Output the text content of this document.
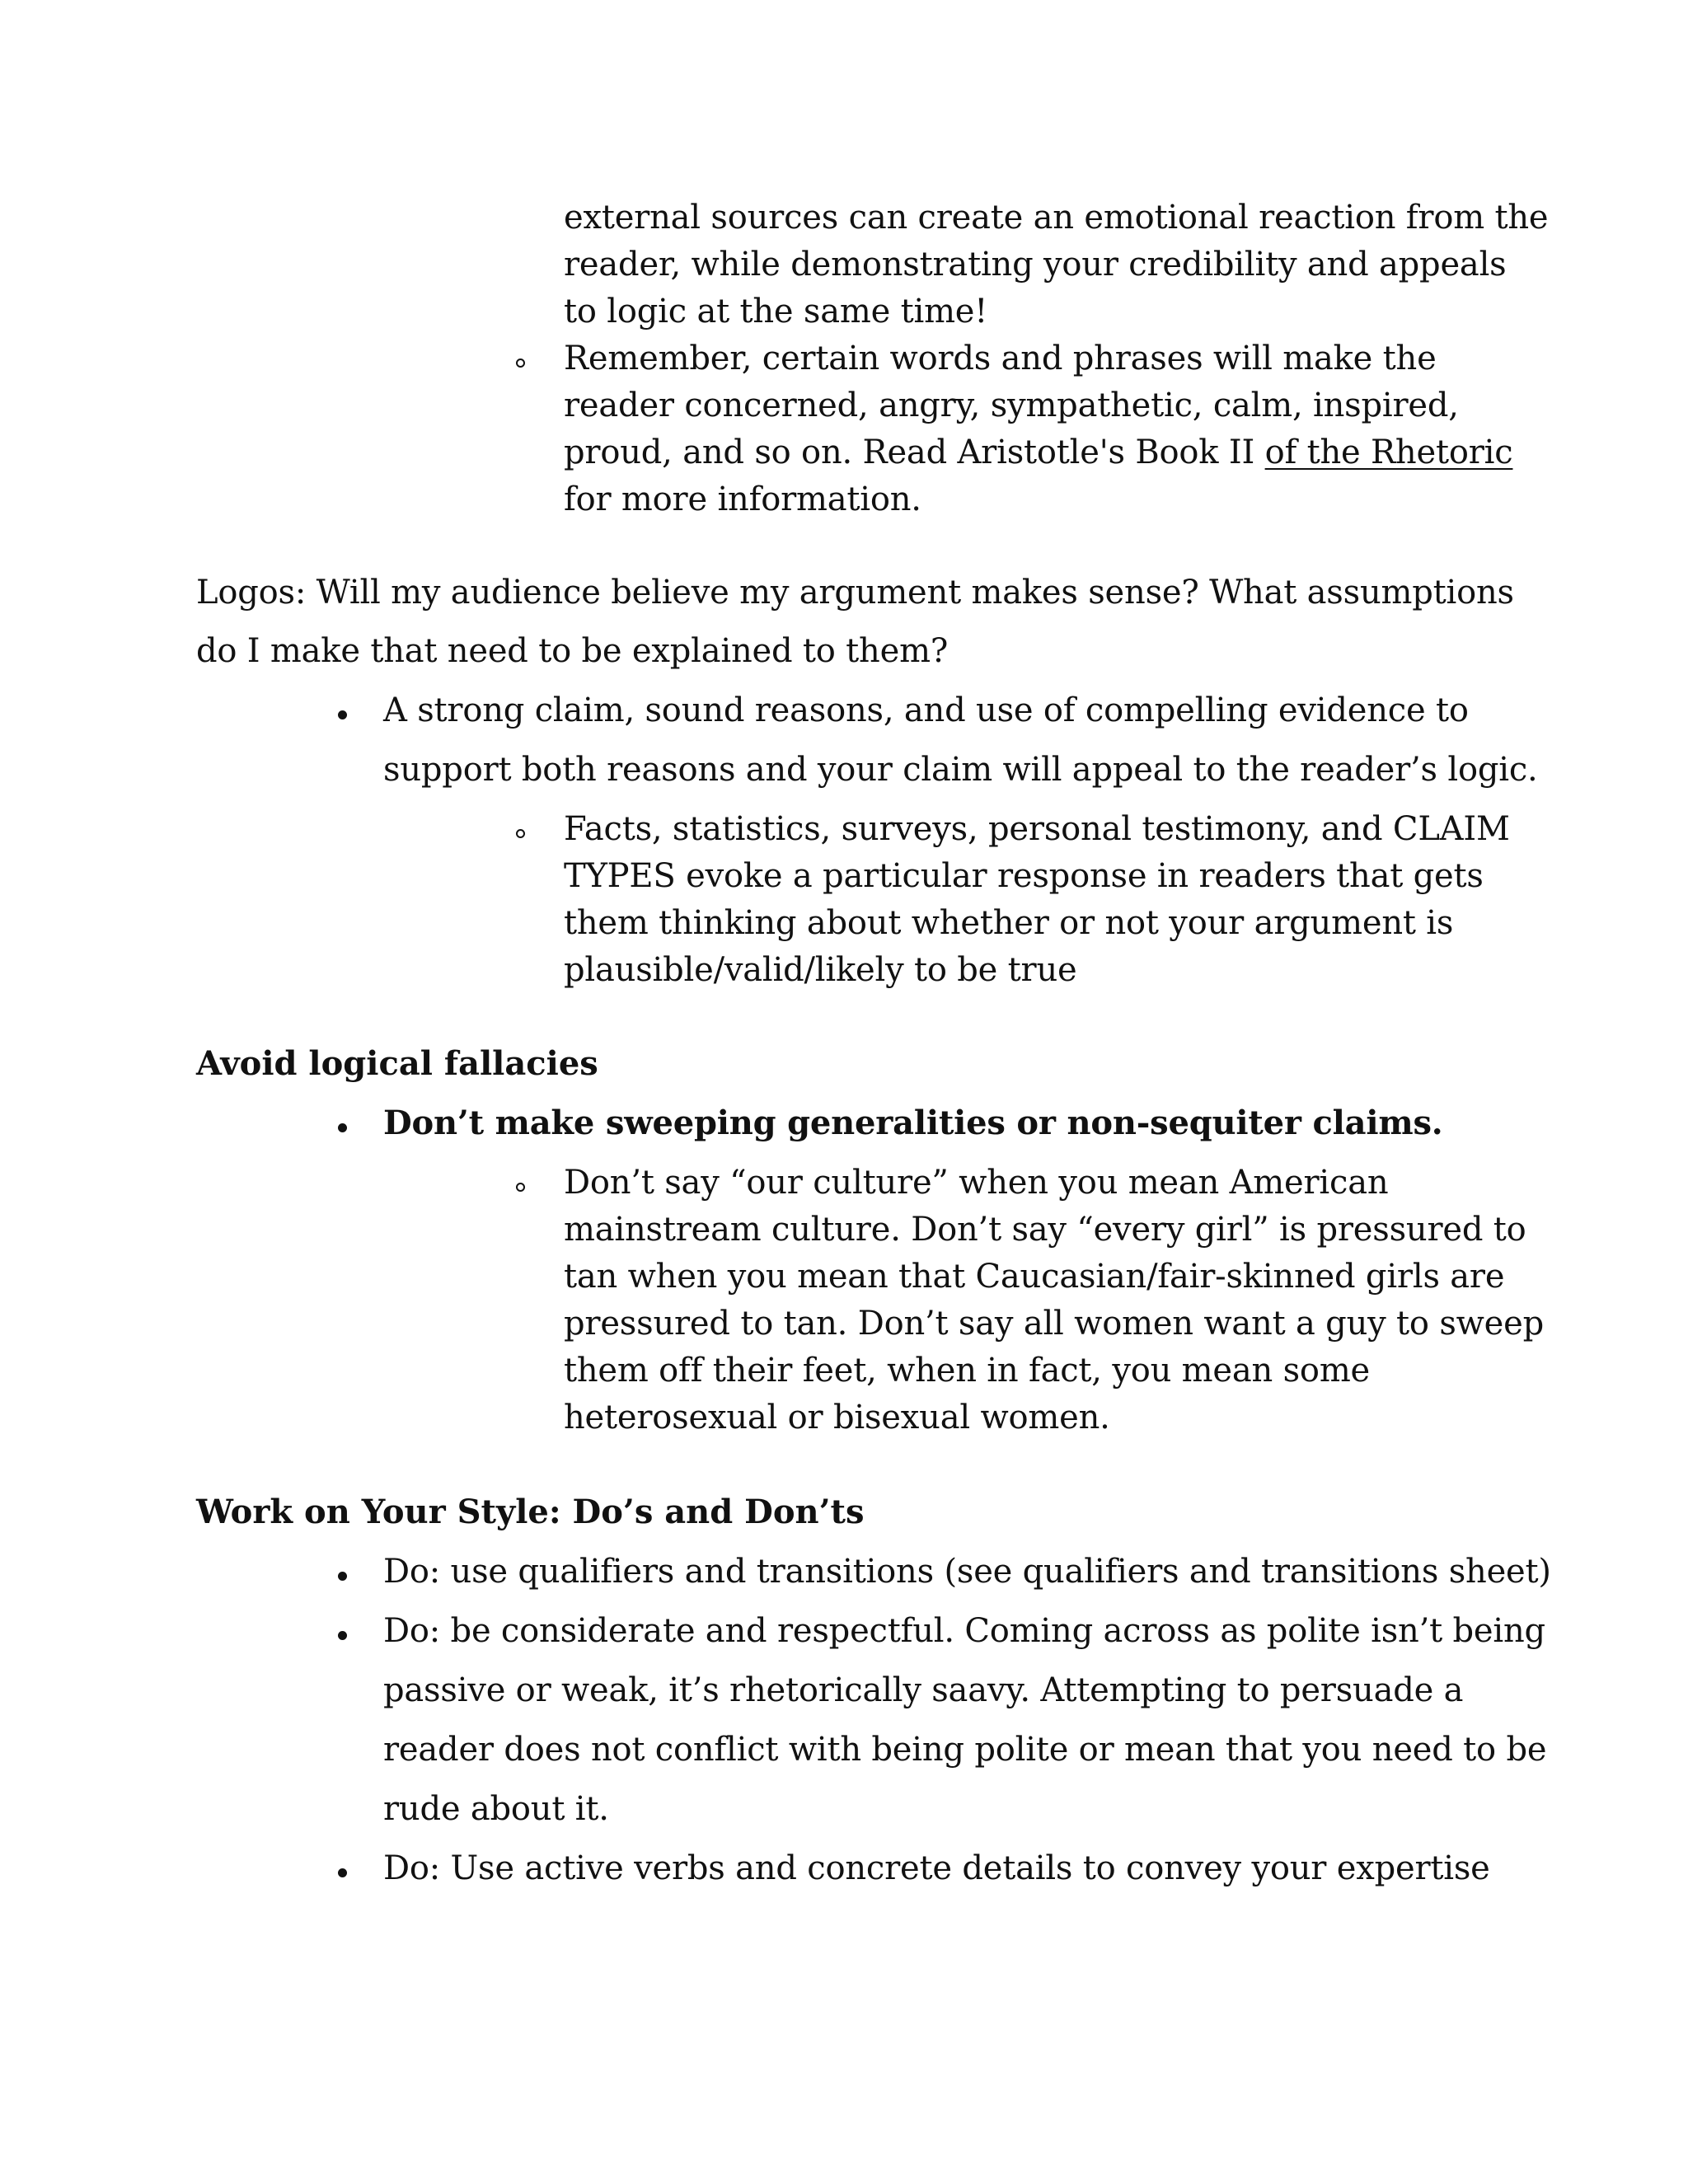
external sources can create an emotional reaction from the
reader, while demonstrating your credibility and appeals
to logic at the same time!
Remember, certain words and phrases will make the
reader concerned, angry, sympathetic, calm, inspired,
proud, and so on. Read Aristotle's Book II of the Rhetoric
for more information.
Logos: Will my audience believe my argument makes sense? What assumptions
do I make that need to be explained to them?
A strong claim, sound reasons, and use of compelling evidence to
support both reasons and your claim will appeal to the reader’s logic.
Facts, statistics, surveys, personal testimony, and CLAIM
TYPES evoke a particular response in readers that gets
them thinking about whether or not your argument is
plausible/valid/likely to be true
Avoid logical fallacies
Don’t make sweeping generalities or non-sequiter claims.
Don’t say “our culture” when you mean American
mainstream culture. Don’t say “every girl” is pressured to
tan when you mean that Caucasian/fair-skinned girls are
pressured to tan. Don’t say all women want a guy to sweep
them off their feet, when in fact, you mean some
heterosexual or bisexual women.
Work on Your Style: Do’s and Don’ts
Do: use qualifiers and transitions (see qualifiers and transitions sheet)
Do: be considerate and respectful. Coming across as polite isn’t being
passive or weak, it’s rhetorically saavy. Attempting to persuade a
reader does not conflict with being polite or mean that you need to be
rude about it.
Do: Use active verbs and concrete details to convey your expertise
